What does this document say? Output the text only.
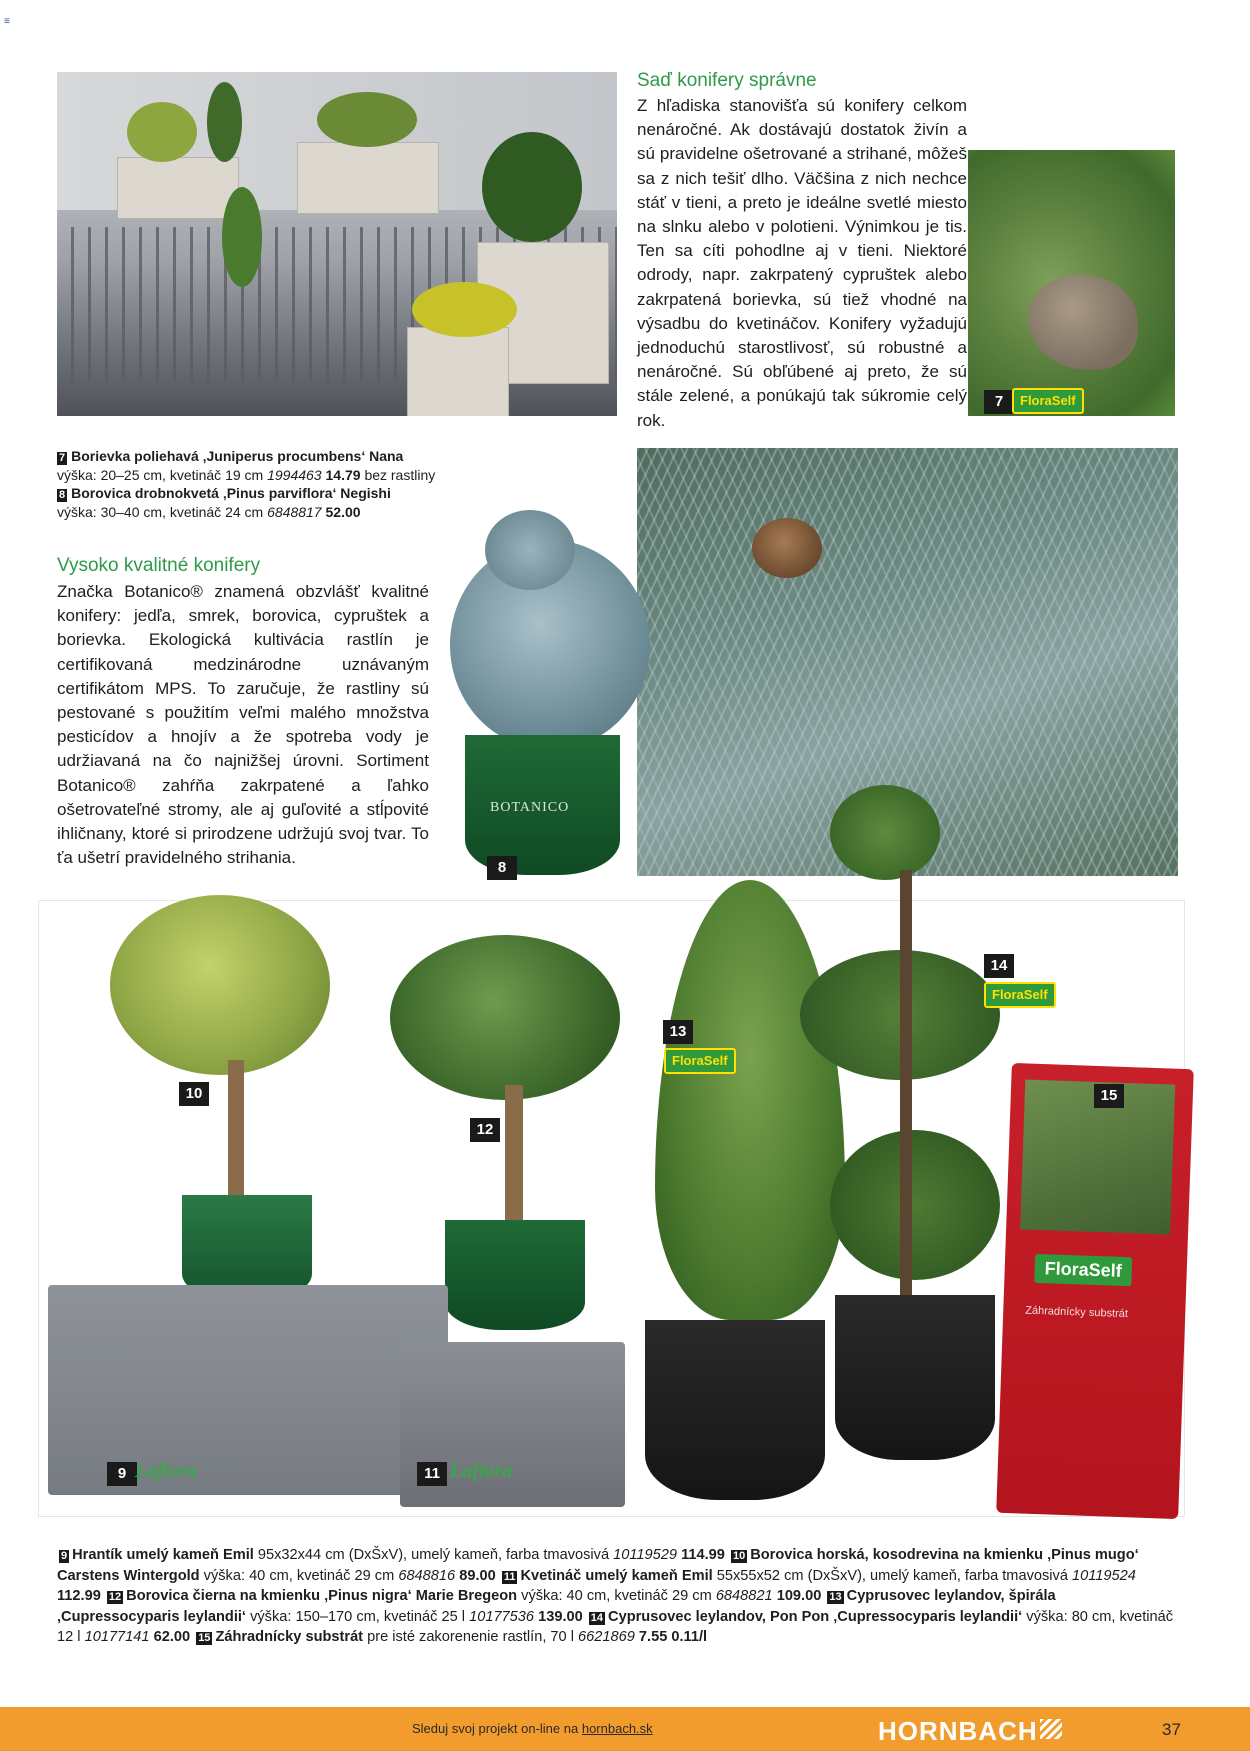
≡
7	FloraSelf
Saď konifery správne

Z hľadiska stanovišťa sú konifery celkom nenáročné. Ak dostávajú dostatok živín a sú pravidelne ošetrované a strihané, môžeš sa z nich tešiť dlho. Väčšina z nich nechce stáť v tieni, a preto je ideálne svetlé miesto na slnku alebo v polotieni. Výnimkou je tis. Ten sa cíti pohodlne aj v tieni. Niektoré odrody, napr. zakrpatený cypruštek alebo zakrpatená borievka, sú tiež vhodné na výsadbu do kvetináčov. Konifery vyžadujú jednoduchú starostlivosť, sú robustné a nenáročné. Sú obľúbené aj preto, že sú stále zelené, a ponúkajú tak súkromie celý rok.

7 Borievka poliehavá ‚Juniperus procumbens‘ Nana
výška: 20–25 cm, kvetináč 19 cm 1994463 14.79 bez rastliny
8 Borovica drobnokvetá ‚Pinus parviflora‘ Negishi
výška: 30–40 cm, kvetináč 24 cm 6848817 52.00
Vysoko kvalitné konifery

Značka Botanico® znamená obzvlášť kvalitné konifery: jedľa, smrek, borovica, cypruštek a borievka. Ekologická kultivácia rastlín je certifikovaná medzinárodne uznávaným certifikátom MPS. To zaručuje, že rastliny sú pestované s použitím veľmi malého množstva pesticídov a hnojív a že spotreba vody je udržiavaná na čo najnižšej úrovni. Sortiment Botanico® zahŕňa zakrpatené a ľahko ošetrovateľné stromy, ale aj guľovité a stĺpovité ihličnany, ktoré si prirodzene udržujú svoj tvar. To ťa ušetrí pravidelného strihania.

BOTANICO
8
10
12
9 Lafiora	11 Lafiora
13
FloraSelf
14
FloraSelf
FloraSelf
Záhradnícky substrát
15
9 Hrantík umelý kameň Emil 95x32x44 cm (DxŠxV), umelý kameň, farba tmavosivá 10119529 114.99 10 Borovica horská, kosodrevina na kmienku ‚Pinus mugo‘ Carstens Wintergold výška: 40 cm, kvetináč 29 cm 6848816 89.00 11 Kvetináč umelý kameň Emil 55x55x52 cm (DxŠxV), umelý kameň, farba tmavosivá 10119524 112.99 12 Borovica čierna na kmienku ‚Pinus nigra‘ Marie Bregeon výška: 40 cm, kvetináč 29 cm 6848821 109.00 13 Cyprusovec leylandov, špirála ‚Cupressocyparis leylandii‘ výška: 150–170 cm, kvetináč 25 l 10177536 139.00 14 Cyprusovec leylandov, Pon Pon ‚Cupressocyparis leylandii‘ výška: 80 cm, kvetináč 12 l 10177141 62.00 15 Záhradnícky substrát pre isté zakorenenie rastlín, 70 l 6621869 7.55 0.11/l
Sleduj svoj projekt on-line na hornbach.sk	HORNBACH	37
